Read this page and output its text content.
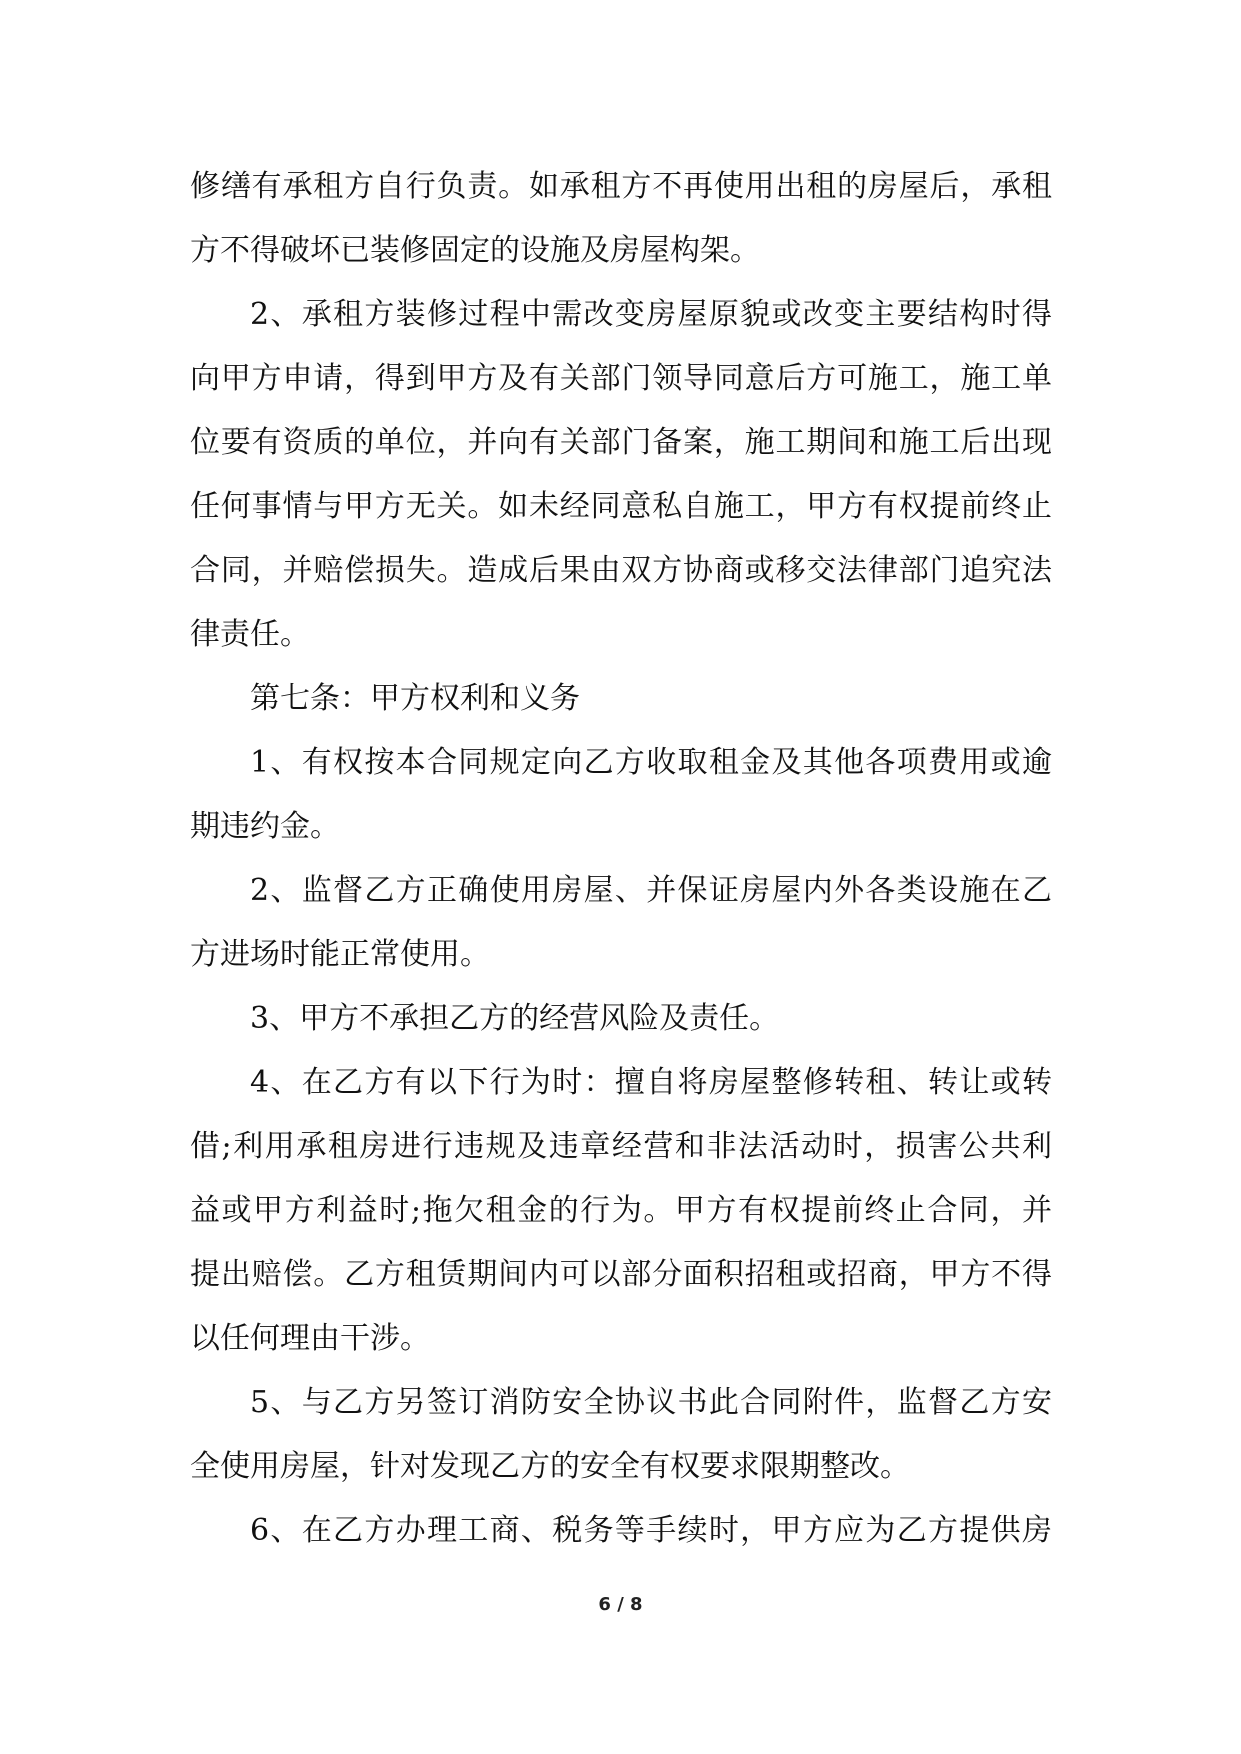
修缮有承租方自行负责。如承租方不再使用出租的房屋后，承租
方不得破坏已装修固定的设施及房屋构架。
2、承租方装修过程中需改变房屋原貌或改变主要结构时得
向甲方申请，得到甲方及有关部门领导同意后方可施工，施工单
位要有资质的单位，并向有关部门备案，施工期间和施工后出现
任何事情与甲方无关。如未经同意私自施工，甲方有权提前终止
合同，并赔偿损失。造成后果由双方协商或移交法律部门追究法
律责任。
第七条：甲方权利和义务
1、有权按本合同规定向乙方收取租金及其他各项费用或逾
期违约金。
2、监督乙方正确使用房屋、并保证房屋内外各类设施在乙
方进场时能正常使用。
3、甲方不承担乙方的经营风险及责任。
4、在乙方有以下行为时：擅自将房屋整修转租、转让或转
借;利用承租房进行违规及违章经营和非法活动时，损害公共利
益或甲方利益时;拖欠租金的行为。甲方有权提前终止合同，并
提出赔偿。乙方租赁期间内可以部分面积招租或招商，甲方不得
以任何理由干涉。
5、与乙方另签订消防安全协议书此合同附件，监督乙方安
全使用房屋，针对发现乙方的安全有权要求限期整改。
6、在乙方办理工商、税务等手续时，甲方应为乙方提供房
6 / 8
